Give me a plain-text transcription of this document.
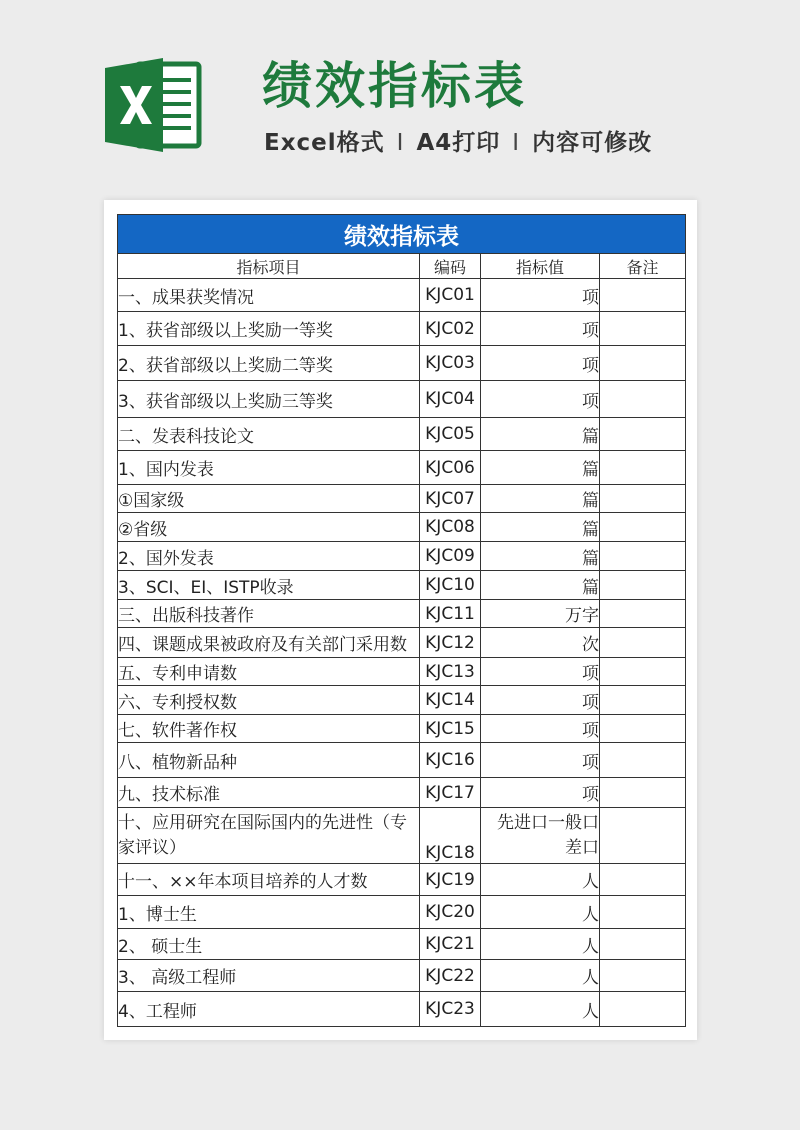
绩效指标表
Excel格式 I A4打印 I 内容可修改
绩效指标表			
指标项目	编码	指标值	备注
一、成果获奖情况	KJC01	项	
1、获省部级以上奖励一等奖	KJC02	项	
2、获省部级以上奖励二等奖	KJC03	项	
3、获省部级以上奖励三等奖	KJC04	项	
二、发表科技论文	KJC05	篇	
1、国内发表	KJC06	篇	
①国家级	KJC07	篇	
②省级	KJC08	篇	
2、国外发表	KJC09	篇	
3、SCI、EI、ISTP收录	KJC10	篇	
三、出版科技著作	KJC11	万字	
四、课题成果被政府及有关部门采用数	KJC12	次	
五、专利申请数	KJC13	项	
六、专利授权数	KJC14	项	
七、软件著作权	KJC15	项	
八、植物新品种	KJC16	项	
九、技术标准	KJC17	项	
十、应用研究在国际国内的先进性（专家评议）	KJC18	先进口一般口差口	
十一、××年本项目培养的人才数	KJC19	人	
1、博士生	KJC20	人	
2、 硕士生	KJC21	人	
3、 高级工程师	KJC22	人	
4、工程师	KJC23	人	
